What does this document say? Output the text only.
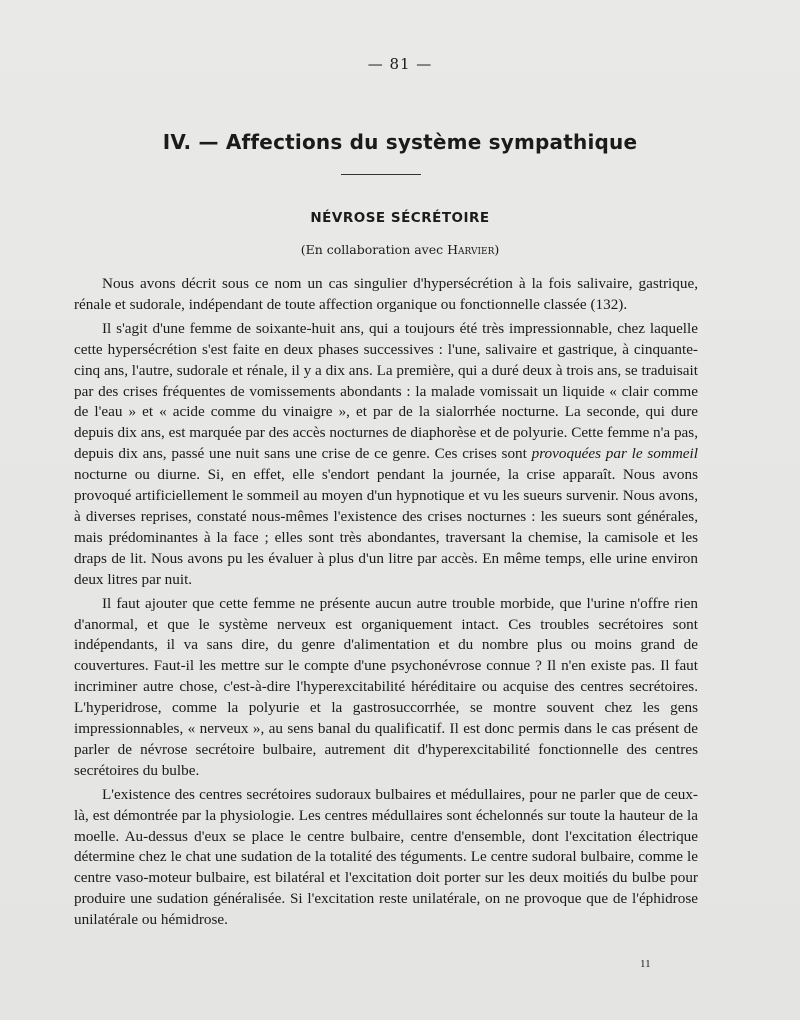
— 81 —
IV. — Affections du système sympathique
NÉVROSE SÉCRÉTOIRE
(En collaboration avec Harvier)

Nous avons décrit sous ce nom un cas singulier d'hypersécrétion à la fois salivaire, gastrique, rénale et sudorale, indépendant de toute affection organique ou fonctionnelle classée (132).

Il s'agit d'une femme de soixante-huit ans, qui a toujours été très impressionnable, chez laquelle cette hypersécrétion s'est faite en deux phases successives : l'une, salivaire et gastrique, à cinquante-cinq ans, l'autre, sudorale et rénale, il y a dix ans. La première, qui a duré deux à trois ans, se traduisait par des crises fréquentes de vomissements abondants : la malade vomissait un liquide « clair comme de l'eau » et « acide comme du vinaigre », et par de la sialorrhée nocturne. La seconde, qui dure depuis dix ans, est marquée par des accès nocturnes de diaphorèse et de polyurie. Cette femme n'a pas, depuis dix ans, passé une nuit sans une crise de ce genre. Ces crises sont provoquées par le sommeil nocturne ou diurne. Si, en effet, elle s'endort pendant la journée, la crise apparaît. Nous avons provoqué artificiellement le sommeil au moyen d'un hypnotique et vu les sueurs survenir. Nous avons, à diverses reprises, constaté nous-mêmes l'existence des crises nocturnes : les sueurs sont générales, mais prédominantes à la face ; elles sont très abondantes, traversant la chemise, la camisole et les draps de lit. Nous avons pu les évaluer à plus d'un litre par accès. En même temps, elle urine environ deux litres par nuit.

Il faut ajouter que cette femme ne présente aucun autre trouble morbide, que l'urine n'offre rien d'anormal, et que le système nerveux est organiquement intact. Ces troubles secrétoires sont indépendants, il va sans dire, du genre d'alimentation et du nombre plus ou moins grand de couvertures. Faut-il les mettre sur le compte d'une psychonévrose connue ? Il n'en existe pas. Il faut incriminer autre chose, c'est-à-dire l'hyperexcitabilité héréditaire ou acquise des centres secrétoires. L'hyperidrose, comme la polyurie et la gastrosuccorrhée, se montre souvent chez les gens impressionnables, « nerveux », au sens banal du qualificatif. Il est donc permis dans le cas présent de parler de névrose secrétoire bulbaire, autrement dit d'hyperexcitabilité fonctionnelle des centres secrétoires du bulbe.

L'existence des centres secrétoires sudoraux bulbaires et médullaires, pour ne parler que de ceux-là, est démontrée par la physiologie. Les centres médullaires sont échelonnés sur toute la hauteur de la moelle. Au-dessus d'eux se place le centre bulbaire, centre d'ensemble, dont l'excitation électrique détermine chez le chat une sudation de la totalité des téguments. Le centre sudoral bulbaire, comme le centre vaso-moteur bulbaire, est bilatéral et l'excitation doit porter sur les deux moitiés du bulbe pour produire une sudation généralisée. Si l'excitation reste unilatérale, on ne provoque que de l'éphidrose unilatérale ou hémidrose.

11
